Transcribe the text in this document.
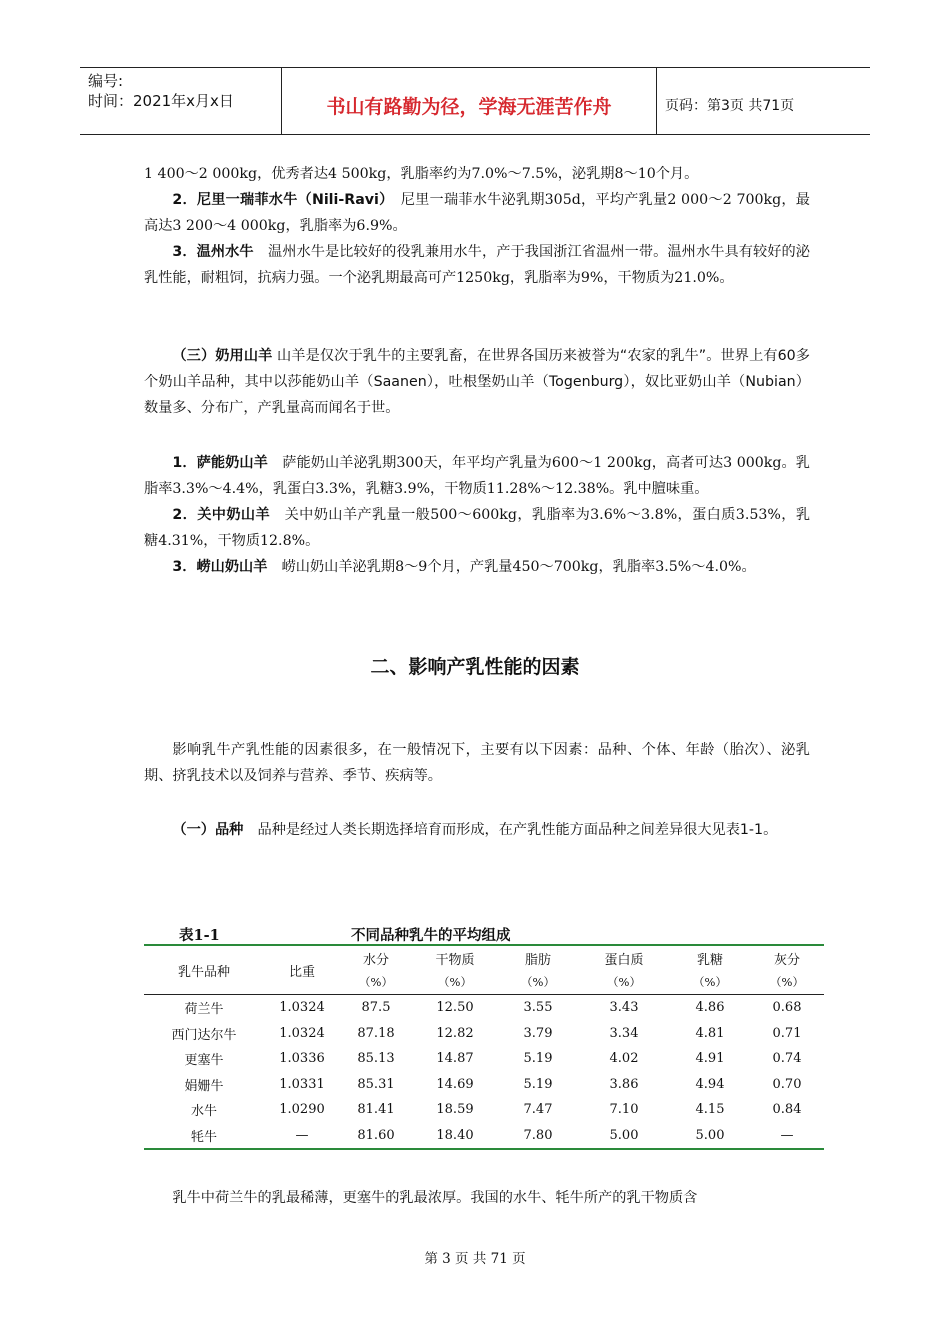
编号:
时间：2021年x月x日	书山有路勤为径，学海无涯苦作舟	页码：第3页 共71页

1 400～2 000kg，优秀者达4 500kg，乳脂率约为7.0%～7.5%，泌乳期8～10个月。

2．尼里一瑞菲水牛（Nili-Ravi）　尼里一瑞菲水牛泌乳期305d，平均产乳量2 000～2 700kg，最高达3 200～4 000kg，乳脂率为6.9%。

3．温州水牛　温州水牛是比较好的役乳兼用水牛，产于我国浙江省温州一带。温州水牛具有较好的泌乳性能，耐粗饲，抗病力强。一个泌乳期最高可产1250kg，乳脂率为9%，干物质为21.0%。

（三）奶用山羊 山羊是仅次于乳牛的主要乳畜，在世界各国历来被誉为“农家的乳牛”。世界上有60多个奶山羊品种，其中以莎能奶山羊（Saanen），吐根堡奶山羊（Togenburg），奴比亚奶山羊（Nubian）数量多、分布广，产乳量高而闻名于世。

1．萨能奶山羊　萨能奶山羊泌乳期300天，年平均产乳量为600～1 200kg，高者可达3 000kg。乳脂率3.3%～4.4%，乳蛋白3.3%，乳糖3.9%，干物质11.28%～12.38%。乳中膻味重。

2．关中奶山羊　关中奶山羊产乳量一般500～600kg，乳脂率为3.6%～3.8%，蛋白质3.53%，乳糖4.31%，干物质12.8%。

3．崂山奶山羊　崂山奶山羊泌乳期8～9个月，产乳量450～700kg，乳脂率3.5%～4.0%。

二、影响产乳性能的因素

影响乳牛产乳性能的因素很多，在一般情况下，主要有以下因素：品种、个体、年龄（胎次）、泌乳期、挤乳技术以及饲养与营养、季节、疾病等。

（一）品种　品种是经过人类长期选择培育而形成，在产乳性能方面品种之间差异很大见表1-1。

表1-1	不同品种乳牛的平均组成
乳牛品种	比重	水分	干物质	脂肪	蛋白质	乳糖	灰分
		（%）	（%）	（%）	（%）	（%）	（%）
荷兰牛	1.0324	87.5	12.50	3.55	3.43	4.86	0.68
西门达尔牛	1.0324	87.18	12.82	3.79	3.34	4.81	0.71
更塞牛	1.0336	85.13	14.87	5.19	4.02	4.91	0.74
娟姗牛	1.0331	85.31	14.69	5.19	3.86	4.94	0.70
水牛	1.0290	81.41	18.59	7.47	7.10	4.15	0.84
牦牛	—	81.60	18.40	7.80	5.00	5.00	—

乳牛中荷兰牛的乳最稀薄，更塞牛的乳最浓厚。我国的水牛、牦牛所产的乳干物质含

第 3 页 共 71 页
